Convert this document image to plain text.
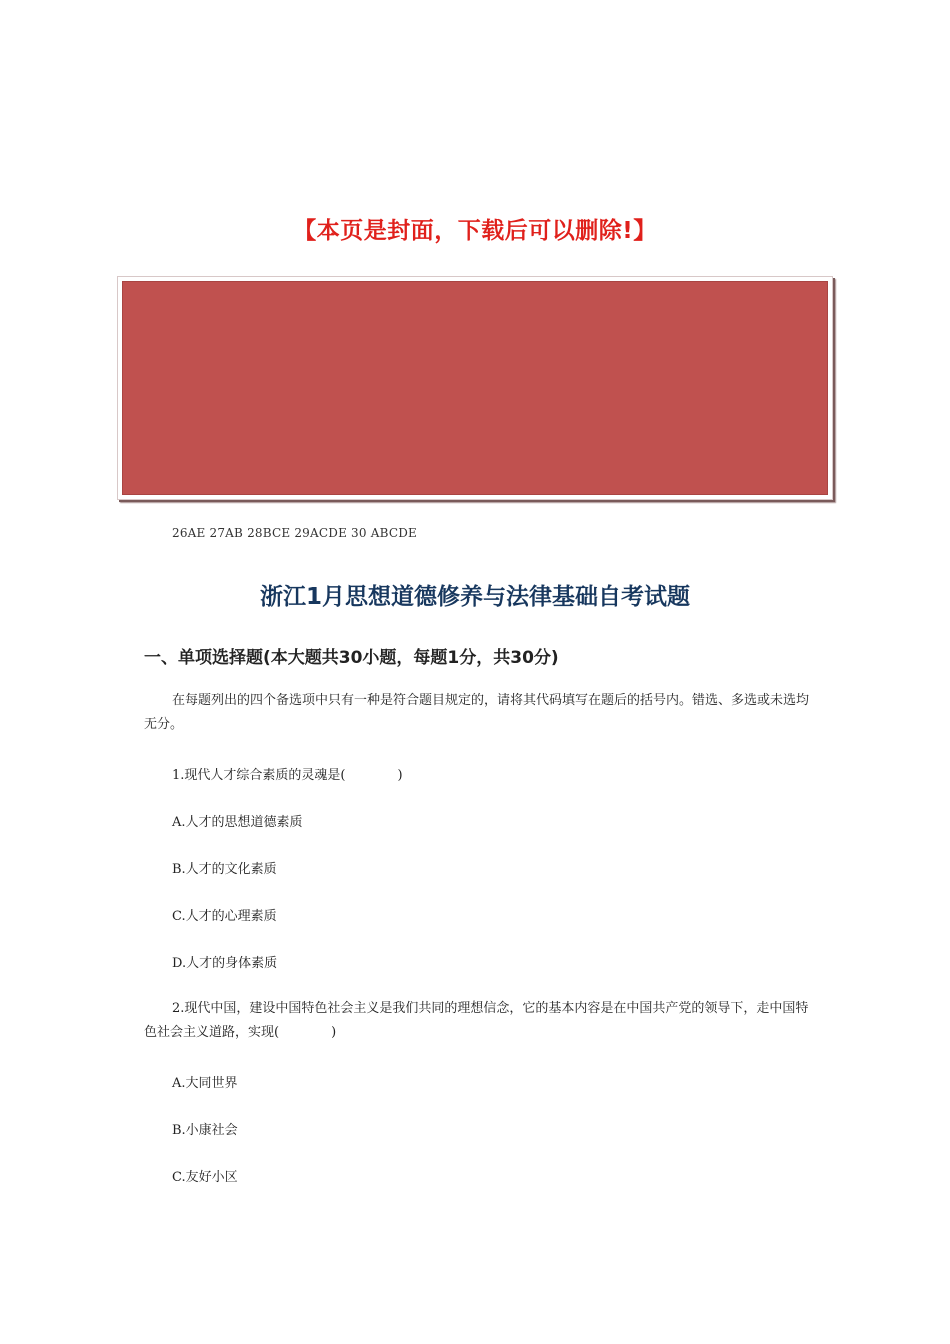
【本页是封面，下载后可以删除!】
26AE 27AB 28BCE 29ACDE 30 ABCDE
浙江1月思想道德修养与法律基础自考试题
一、单项选择题(本大题共30小题，每题1分，共30分)
在每题列出的四个备选项中只有一种是符合题目规定的，请将其代码填写在题后的括号内。错选、多选或未选均无分。
1.现代人才综合素质的灵魂是(　　　　)
A.人才的思想道德素质
B.人才的文化素质
C.人才的心理素质
D.人才的身体素质
2.现代中国，建设中国特色社会主义是我们共同的理想信念，它的基本内容是在中国共产党的领导下，走中国特色社会主义道路，实现(　　　　)
A.大同世界
B.小康社会
C.友好小区
